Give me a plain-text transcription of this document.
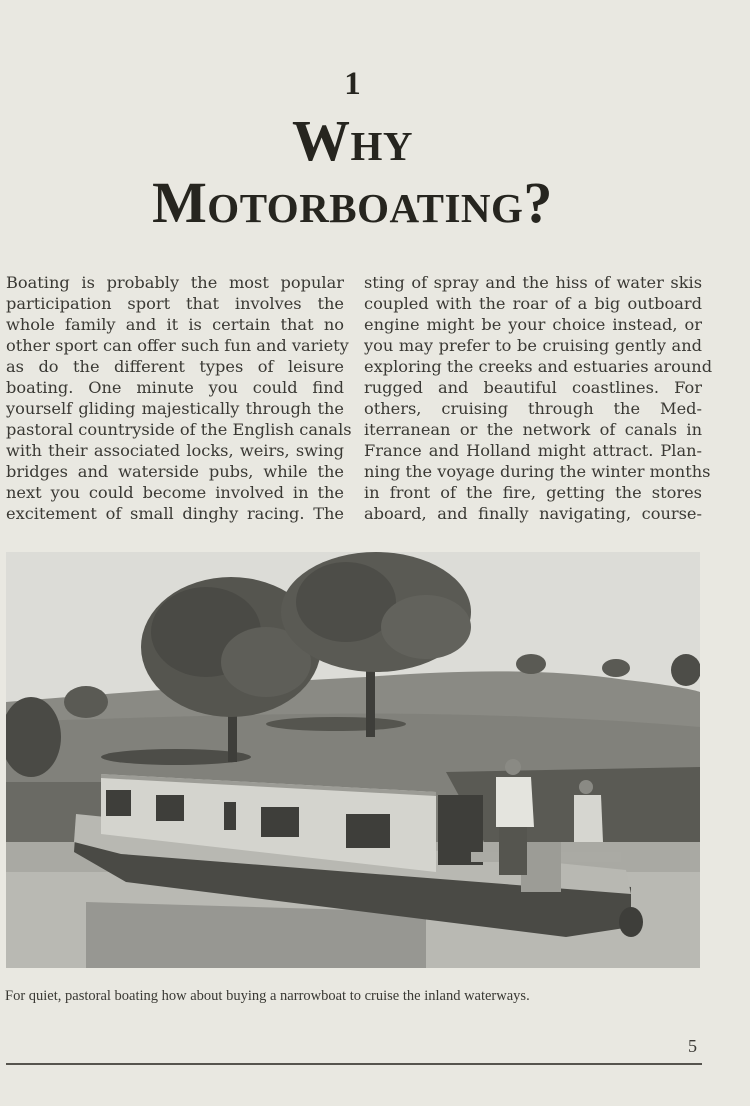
1
Why
Motorboating?
Boating is probably the most popular
participation sport that involves the
whole family and it is certain that no
other sport can offer such fun and variety
as do the different types of leisure
boating. One minute you could find
yourself gliding majestically through the
pastoral countryside of the English canals
with their associated locks, weirs, swing
bridges and waterside pubs, while the
next you could become involved in the
excitement of small dinghy racing. The
sting of spray and the hiss of water skis
coupled with the roar of a big outboard
engine might be your choice instead, or
you may prefer to be cruising gently and
exploring the creeks and estuaries around
rugged and beautiful coastlines. For
others, cruising through the Med-
iterranean or the network of canals in
France and Holland might attract. Plan-
ning the voyage during the winter months
in front of the fire, getting the stores
aboard, and finally navigating, course-
For quiet, pastoral boating how about buying a narrowboat to cruise the inland waterways.
5
